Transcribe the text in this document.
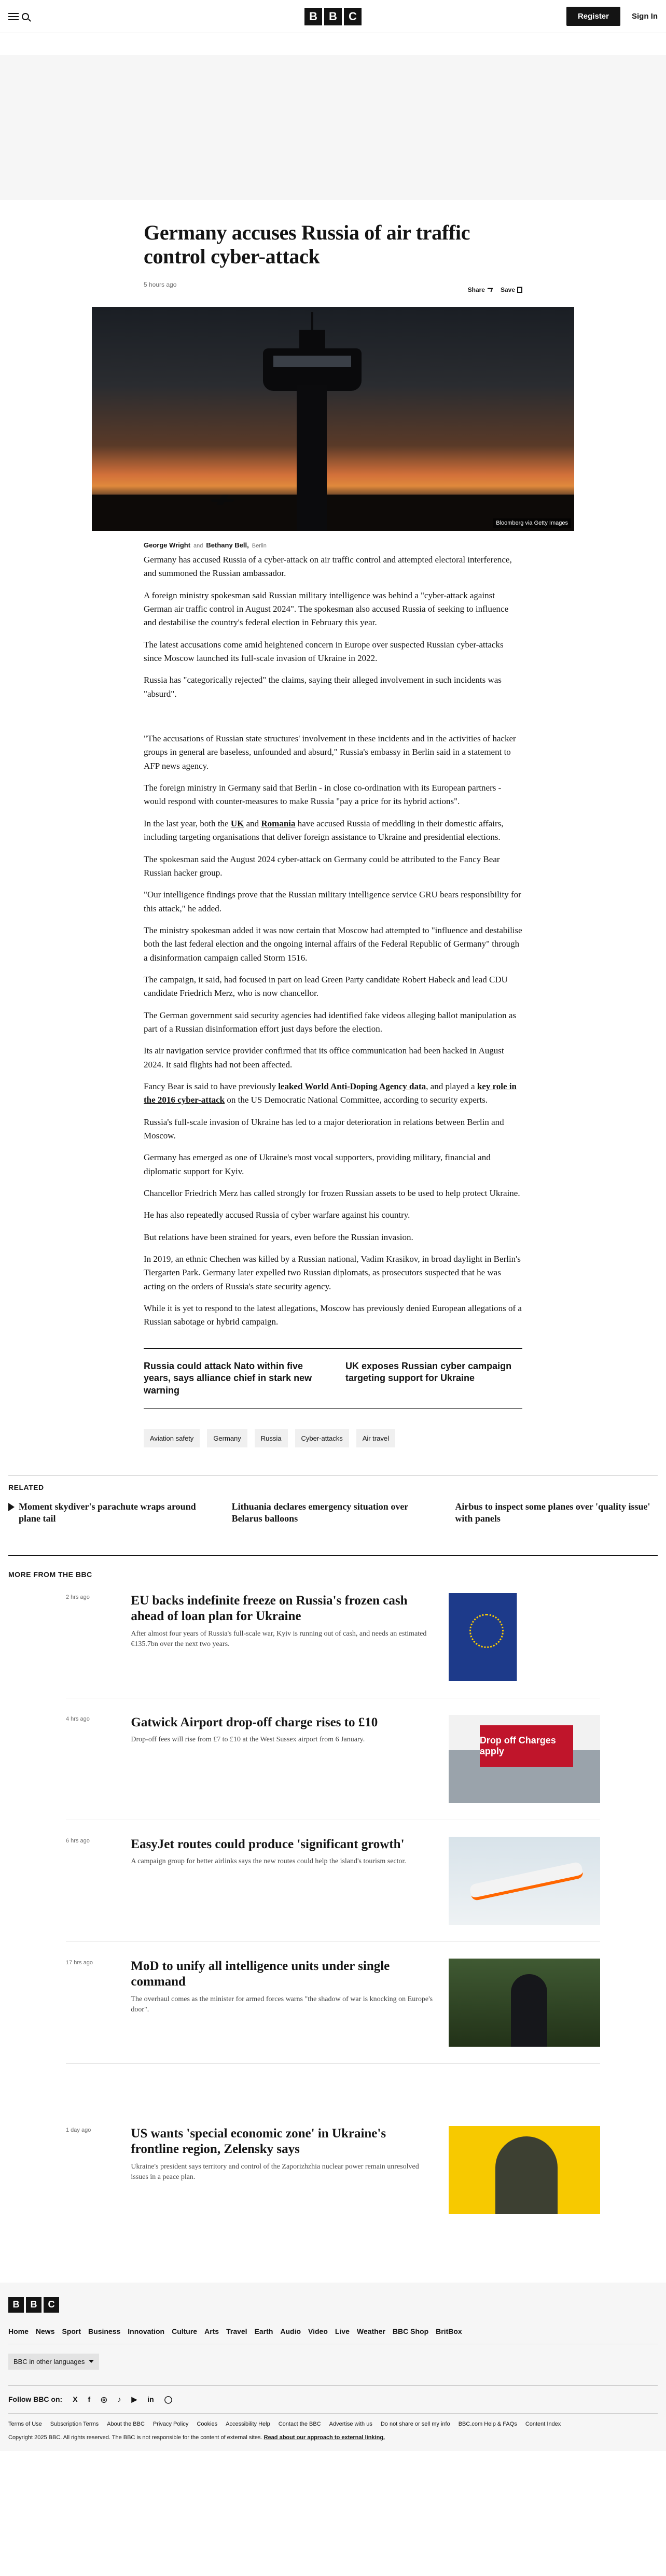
B	B	C	Register	Sign In
Germany accuses Russia of air traffic control cyber-attack
5 hours ago
Share	Save
Bloomberg via Getty Images
George Wright and Bethany Bell, Berlin

Germany has accused Russia of a cyber-attack on air traffic control and attempted electoral interference, and summoned the Russian ambassador.

A foreign ministry spokesman said Russian military intelligence was behind a "cyber-attack against German air traffic control in August 2024". The spokesman also accused Russia of seeking to influence and destabilise the country's federal election in February this year.

The latest accusations come amid heightened concern in Europe over suspected Russian cyber-attacks since Moscow launched its full-scale invasion of Ukraine in 2022.

Russia has "categorically rejected" the claims, saying their alleged involvement in such incidents was "absurd".

"The accusations of Russian state structures' involvement in these incidents and in the activities of hacker groups in general are baseless, unfounded and absurd," Russia's embassy in Berlin said in a statement to AFP news agency.

The foreign ministry in Germany said that Berlin - in close co-ordination with its European partners - would respond with counter-measures to make Russia "pay a price for its hybrid actions".

In the last year, both the UK and Romania have accused Russia of meddling in their domestic affairs, including targeting organisations that deliver foreign assistance to Ukraine and presidential elections.

The spokesman said the August 2024 cyber-attack on Germany could be attributed to the Fancy Bear Russian hacker group.

"Our intelligence findings prove that the Russian military intelligence service GRU bears responsibility for this attack," he added.

The ministry spokesman added it was now certain that Moscow had attempted to "influence and destabilise both the last federal election and the ongoing internal affairs of the Federal Republic of Germany" through a disinformation campaign called Storm 1516.

The campaign, it said, had focused in part on lead Green Party candidate Robert Habeck and lead CDU candidate Friedrich Merz, who is now chancellor.

The German government said security agencies had identified fake videos alleging ballot manipulation as part of a Russian disinformation effort just days before the election.

Its air navigation service provider confirmed that its office communication had been hacked in August 2024. It said flights had not been affected.

Fancy Bear is said to have previously leaked World Anti-Doping Agency data, and played a key role in the 2016 cyber-attack on the US Democratic National Committee, according to security experts.

Russia's full-scale invasion of Ukraine has led to a major deterioration in relations between Berlin and Moscow.

Germany has emerged as one of Ukraine's most vocal supporters, providing military, financial and diplomatic support for Kyiv.

Chancellor Friedrich Merz has called strongly for frozen Russian assets to be used to help protect Ukraine.

He has also repeatedly accused Russia of cyber warfare against his country.

But relations have been strained for years, even before the Russian invasion.

In 2019, an ethnic Chechen was killed by a Russian national, Vadim Krasikov, in broad daylight in Berlin's Tiergarten Park. Germany later expelled two Russian diplomats, as prosecutors suspected that he was acting on the orders of Russia's state security agency.

While it is yet to respond to the latest allegations, Moscow has previously denied European allegations of a Russian sabotage or hybrid campaign.

Russia could attack Nato within five years, says alliance chief in stark new warning
UK exposes Russian cyber campaign targeting support for Ukraine
Aviation safety	Germany	Russia	Cyber-attacks	Air travel
RELATED
Moment skydiver's parachute wraps around plane tail
Lithuania declares emergency situation over Belarus balloons
Airbus to inspect some planes over 'quality issue' with panels
MORE FROM THE BBC
2 hrs ago	EU backs indefinite freeze on Russia's frozen cash ahead of loan plan for Ukraine

After almost four years of Russia's full-scale war, Kyiv is running out of cash, and needs an estimated €135.7bn over the next two years.

4 hrs ago	Gatwick Airport drop-off charge rises to £10

Drop-off fees will rise from £7 to £10 at the West Sussex airport from 6 January.	Drop off Charges apply
6 hrs ago	EasyJet routes could produce 'significant growth'

A campaign group for better airlinks says the new routes could help the island's tourism sector.

17 hrs ago	MoD to unify all intelligence units under single command

The overhaul comes as the minister for armed forces warns "the shadow of war is knocking on Europe's door".

1 day ago	US wants 'special economic zone' in Ukraine's frontline region, Zelensky says

Ukraine's president says territory and control of the Zaporizhzhia nuclear power remain unresolved issues in a peace plan.

B	B	C
Home News Sport Business Innovation Culture Arts Travel Earth Audio Video Live Weather BBC Shop BritBox
BBC in other languages
Follow BBC on: X f ◎ ♪ ▶ in ◯
Terms of Use Subscription Terms About the BBC Privacy Policy Cookies Accessibility Help Contact the BBC Advertise with us Do not share or sell my info BBC.com Help & FAQs Content Index

Copyright 2025 BBC. All rights reserved. The BBC is not responsible for the content of external sites. Read about our approach to external linking.
